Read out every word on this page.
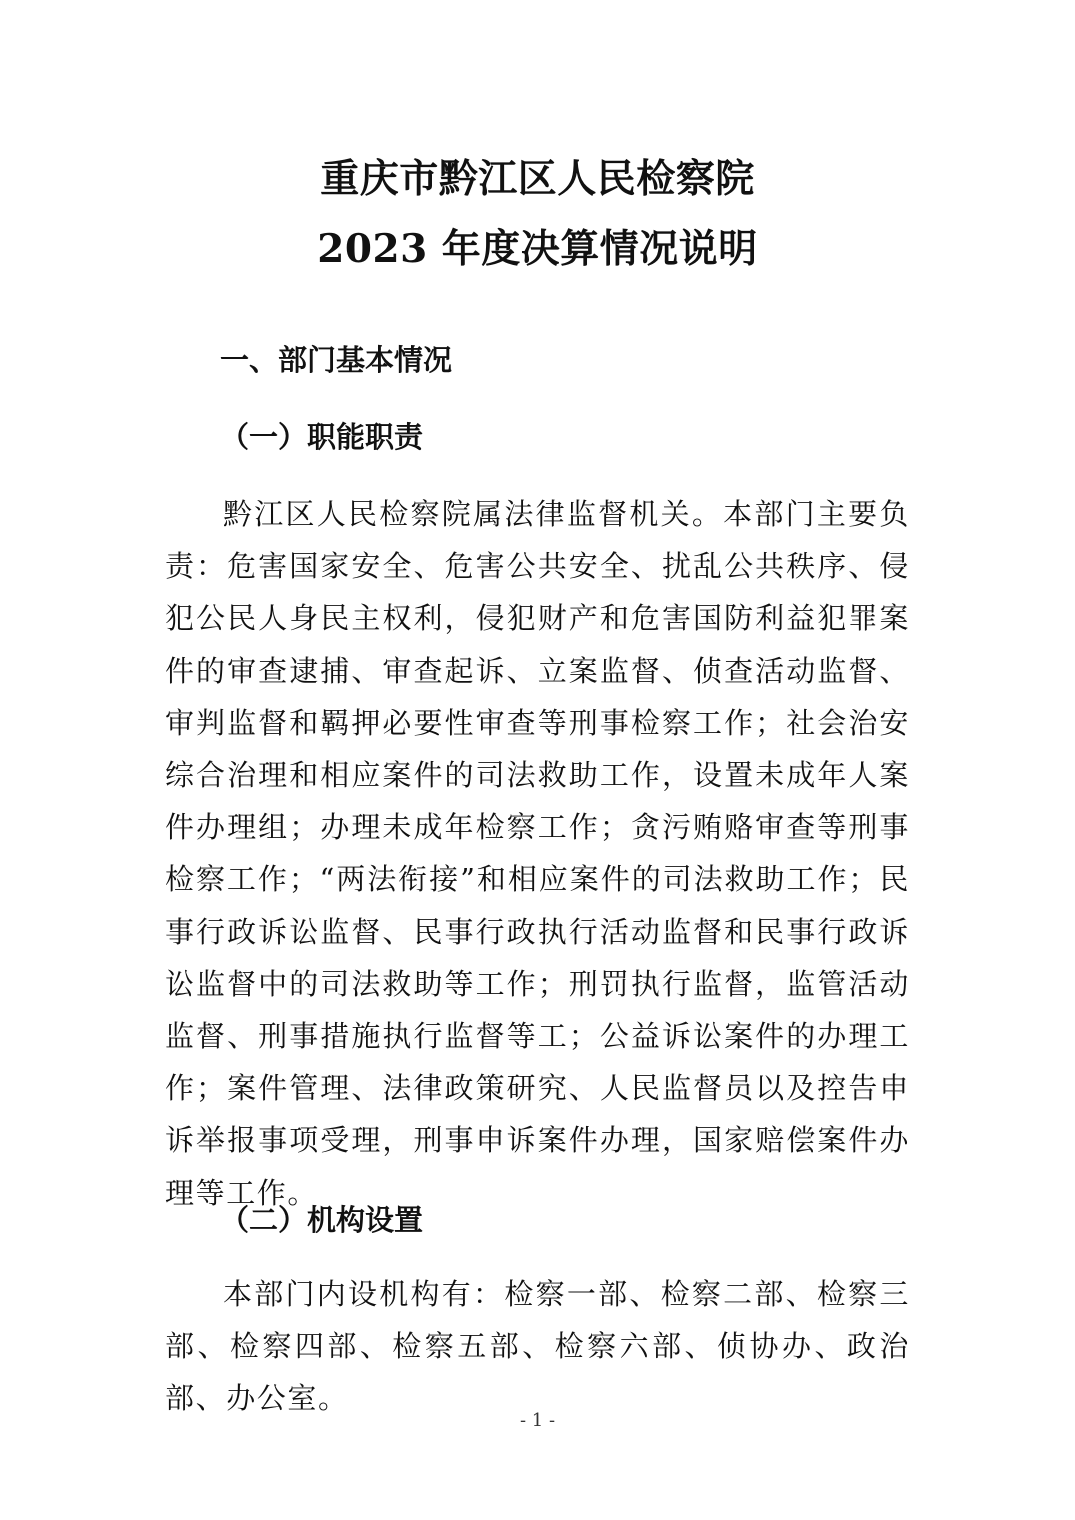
重庆市黔江区人民检察院
2023 年度决算情况说明
一、部门基本情况
（一）职能职责

黔江区人民检察院属法律监督机关。本部门主要负责：危害国家安全、危害公共安全、扰乱公共秩序、侵犯公民人身民主权利，侵犯财产和危害国防利益犯罪案件的审查逮捕、审查起诉、立案监督、侦查活动监督、审判监督和羁押必要性审查等刑事检察工作；社会治安综合治理和相应案件的司法救助工作，设置未成年人案件办理组；办理未成年检察工作；贪污贿赂审查等刑事检察工作；“两法衔接”和相应案件的司法救助工作；民事行政诉讼监督、民事行政执行活动监督和民事行政诉讼监督中的司法救助等工作；刑罚执行监督，监管活动监督、刑事措施执行监督等工；公益诉讼案件的办理工作；案件管理、法律政策研究、人民监督员以及控告申诉举报事项受理，刑事申诉案件办理，国家赔偿案件办理等工作。

（二）机构设置

本部门内设机构有：检察一部、检察二部、检察三部、检察四部、检察五部、检察六部、侦协办、政治部、办公室。

- 1 -
